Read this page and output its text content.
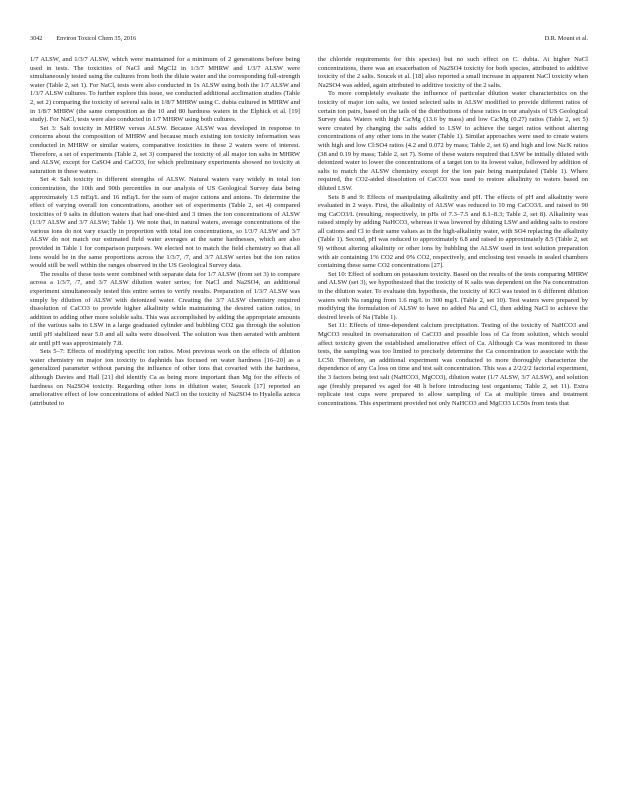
3042 Environ Toxicol Chem 35, 2016	D.R. Mount et al.

1/7 ALSW, and 1/3/7 ALSW, which were maintained for a minimum of 2 generations before being used in tests. The toxicities of NaCl and MgCl2 in 1/3/7 MHRW and 1/3/7 ALSW were simultaneously tested using the cultures from both the dilute water and the corresponding full-strength water (Table 2, set 1). For NaCl, tests were also conducted in 1x ALSW using both the 1/7 ALSW and 1/3/7 ALSW cultures. To further explore this issue, we conducted additional acclimation studies (Table 2, set 2) comparing the toxicity of several salts in 1/8/7 MHRW using C. dubia cultured in MHRW and in 1/8/7 MHRW (the same composition as the 10 and 80 hardness waters in the Elphick et al. [19] study). For NaCl, tests were also conducted in 1/7 MHRW using both cultures.

Set 3: Salt toxicity in MHRW versus ALSW. Because ALSW was developed in response to concerns about the composition of MHRW and because much existing ion toxicity information was conducted in MHRW or similar waters, comparative toxicities in these 2 waters were of interest. Therefore, a set of experiments (Table 2, set 3) compared the toxicity of all major ion salts in MHRW and ALSW, except for CaSO4 and CaCO3, for which preliminary experiments showed no toxicity at saturation in these waters.

Set 4: Salt toxicity in different strengths of ALSW. Natural waters vary widely in total ion concentration, the 10th and 90th percentiles in our analysis of US Geological Survey data being approximately 1.5 mEq/L and 16 mEq/L for the sum of major cations and anions. To determine the effect of varying overall ion concentrations, another set of experiments (Table 2, set 4) compared toxicities of 9 salts in dilution waters that had one-third and 3 times the ion concentrations of ALSW (1/3/7 ALSW and 3/7 ALSW; Table 1). We note that, in natural waters, average concentrations of the various ions do not vary exactly in proportion with total ion concentrations, so 1/3/7 ALSW and 3/7 ALSW do not match our estimated field water averages at the same hardnesses, which are also provided in Table 1 for comparison purposes. We elected not to match the field chemistry so that all ions would be in the same proportions across the 1/3/7, /7, and 3/7 ALSW series but the ion ratios would still be well within the ranges observed in the US Geological Survey data.

The results of these tests were combined with separate data for 1/7 ALSW (from set 3) to compare across a 1/3/7, /7, and 3/7 ALSW dilution water series; for NaCl and Na2SO4, an additional experiment simultaneously tested this entire series to verify results. Preparation of 1/3/7 ALSW was simply by dilution of ALSW with deionized water. Creating the 3/7 ALSW chemistry required dissolution of CaCO3 to provide higher alkalinity while maintaining the desired cation ratios, in addition to adding other more soluble salts. This was accomplished by adding the appropriate amounts of the various salts to LSW in a large graduated cylinder and bubbling CO2 gas through the solution until pH stabilized near 5.0 and all salts were dissolved. The solution was then aerated with ambient air until pH was approximately 7.8.

Sets 5–7: Effects of modifying specific ion ratios. Most previous work on the effects of dilution water chemistry on major ion toxicity to daphnids has focused on water hardness [16–20] as a generalized parameter without parsing the influence of other ions that covaried with the hardness, although Davies and Hall [21] did identify Ca as being more important than Mg for the effects of hardness on Na2SO4 toxicity. Regarding other ions in dilution water, Soucek [17] reported an ameliorative effect of low concentrations of added NaCl on the toxicity of Na2SO4 to Hyalella azteca (attributed to

the chloride requirements for this species) but no such effect on C. dubia. At higher NaCl concentrations, there was an exacerbation of Na2SO4 toxicity for both species, attributed to additive toxicity of the 2 salts. Soucek et al. [18] also reported a small increase in apparent NaCl toxicity when Na2SO4 was added, again attributed to additive toxicity of the 2 salts.

To more completely evaluate the influence of particular dilution water characteristics on the toxicity of major ion salts, we tested selected salts in ALSW modified to provide different ratios of certain ion pairs, based on the tails of the distributions of these ratios in our analysis of US Geological Survey data. Waters with high Ca:Mg (13.6 by mass) and low Ca:Mg (0.27) ratios (Table 2, set 5) were created by changing the salts added to LSW to achieve the target ratios without altering concentrations of any other ions in the water (Table 1). Similar approaches were used to create waters with high and low Cl:SO4 ratios (4.2 and 0.072 by mass; Table 2, set 6) and high and low Na:K ratios (38 and 0.19 by mass; Table 2, set 7). Some of these waters required that LSW be initially diluted with deionized water to lower the concentrations of a target ion to its lowest value, followed by addition of salts to match the ALSW chemistry except for the ion pair being manipulated (Table 1). Where required, the CO2-aided dissolution of CaCO3 was used to restore alkalinity to waters based on diluted LSW.

Sets 8 and 9: Effects of manipulating alkalinity and pH. The effects of pH and alkalinity were evaluated in 2 ways. First, the alkalinity of ALSW was reduced to 10 mg CaCO3/L and raised to 90 mg CaCO3/L (resulting, respectively, in pHs of 7.3–7.5 and 8.1–8.3; Table 2, set 8). Alkalinity was raised simply by adding NaHCO3, whereas it was lowered by diluting LSW and adding salts to restore all cations and Cl to their same values as in the high-alkalinity water, with SO4 replacing the alkalinity (Table 1). Second, pH was reduced to approximately 6.8 and raised to approximately 8.5 (Table 2, set 9) without altering alkalinity or other ions by bubbling the ALSW used in test solution preparation with air containing 1% CO2 and 0% CO2, respectively, and enclosing test vessels in sealed chambers containing these same CO2 concentrations [27].

Set 10: Effect of sodium on potassium toxicity. Based on the results of the tests comparing MHRW and ALSW (set 3), we hypothesized that the toxicity of K salts was dependent on the Na concentration in the dilution water. To evaluate this hypothesis, the toxicity of KCl was tested in 6 different dilution waters with Na ranging from 1.6 mg/L to 300 mg/L (Table 2, set 10). Test waters were prepared by modifying the formulation of ALSW to have no added Na and Cl, then adding NaCl to achieve the desired levels of Na (Table 1).

Set 11: Effects of time-dependent calcium precipitation. Testing of the toxicity of NaHCO3 and MgCO3 resulted in oversaturation of CaCO3 and possible loss of Ca from solution, which would affect toxicity given the established ameliorative effect of Ca. Although Ca was monitored in these tests, the sampling was too limited to precisely determine the Ca concentration to associate with the LC50. Therefore, an additional experiment was conducted to more thoroughly characterize the dependence of any Ca loss on time and test salt concentration. This was a 2/2/2/2 factorial experiment, the 3 factors being test salt (NaHCO3, MgCO3), dilution water (1/7 ALSW, 3/7 ALSW), and solution age (freshly prepared vs aged for 48 h before introducing test organisms; Table 2, set 11). Extra replicate test cups were prepared to allow sampling of Ca at multiple times and treatment concentrations. This experiment provided not only NaHCO3 and MgCO3 LC50s from tests that
